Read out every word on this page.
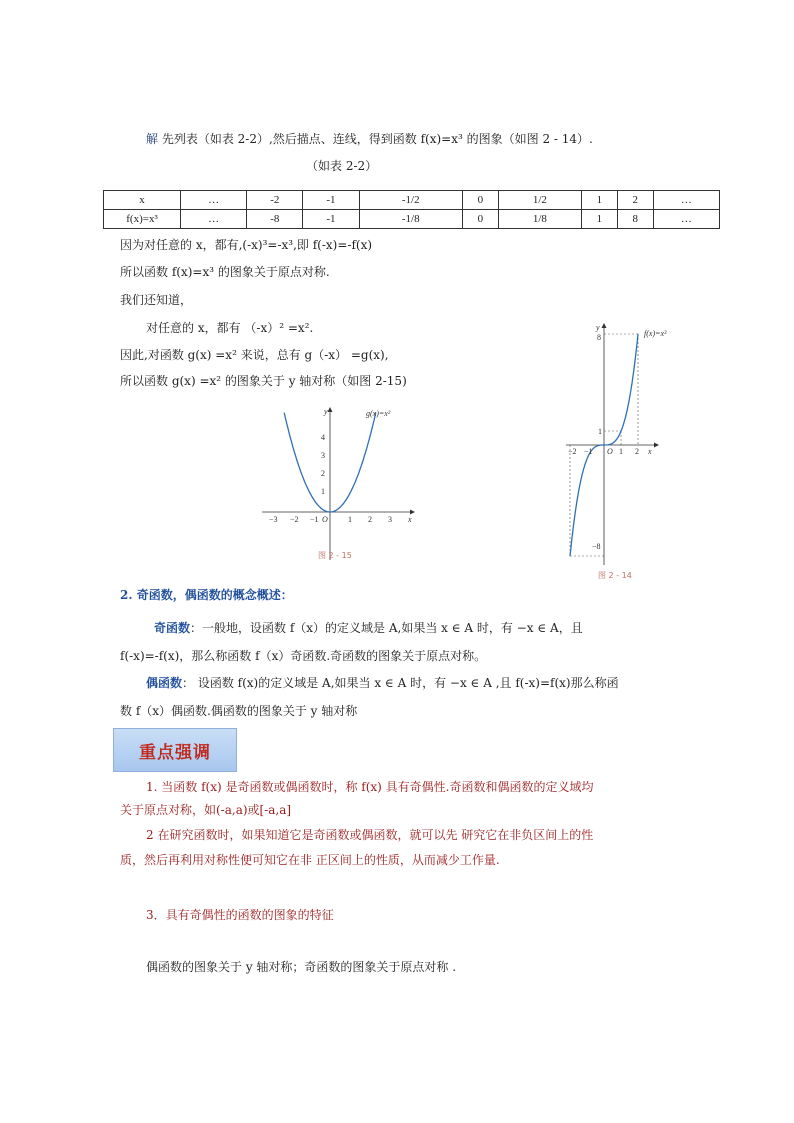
解 先列表（如表 2-2）,然后描点、连线，得到函数 f(x)=x³ 的图象（如图 2 - 14）.
（如表 2-2）
x	…	-2	-1	-1/2	0	1/2	1	2	…
f(x)=x³	…	-8	-1	-1/8	0	1/8	1	8	…
因为对任意的 x，都有,(-x)³=-x³,即 f(-x)=-f(x)
所以函数 f(x)=x³ 的图象关于原点对称.
我们还知道，
对任意的 x，都有 （-x）² =x².
因此,对函数 g(x) =x² 来说，总有 g（-x） =g(x),
所以函数 g(x) =x² 的图象关于 y 轴对称（如图 2-15)
x
y
O
−3 −2 −1	1 2 3
4
3
2
1
g(x)=x²
图 2 - 15
y
x
O
8
1
−8
−2 −1	1 2
f(x)=x³
图 2 - 14
2. 奇函数，偶函数的概念概述：
奇函数：一般地，设函数 f（x）的定义域是 A,如果当 x ∈ A 时，有 −x ∈ A，且
f(-x)=-f(x)，那么称函数 f（x）奇函数.奇函数的图象关于原点对称。
偶函数： 设函数 f(x)的定义域是 A,如果当 x ∈ A 时，有 −x ∈ A ,且 f(-x)=f(x)那么称函
数 f（x）偶函数.偶函数的图象关于 y 轴对称
重点强调
1. 当函数 f(x) 是奇函数或偶函数时，称 f(x) 具有奇偶性.奇函数和偶函数的定义域均
关于原点对称，如(-a,a)或[-a,a]
2 在研究函数时，如果知道它是奇函数或偶函数，就可以先 研究它在非负区间上的性
质，然后再利用对称性便可知它在非 正区间上的性质，从而减少工作量.
3．具有奇偶性的函数的图象的特征
偶函数的图象关于 y 轴对称；奇函数的图象关于原点对称 .
